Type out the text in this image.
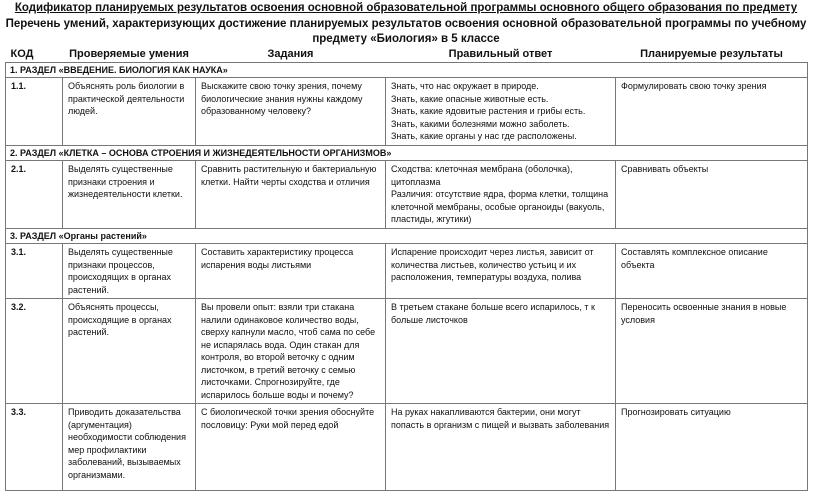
Кодификатор планируемых результатов освоения основной образовательной программы основного общего образования по предмету
Перечень умений, характеризующих достижение планируемых результатов освоения основной образовательной программы по учебному предмету «Биология» в 5 классе
КОД	Проверяемые умения	Задания	Правильный ответ	Планируемые результаты
1. РАЗДЕЛ «ВВЕДЕНИЕ. БИОЛОГИЯ КАК НАУКА»				
1.1.	Объяснять роль биологии в практической деятельности людей.	Выскажите свою точку зрения, почему биологические знания нужны каждому образованному человеку?	Знать, что нас окружает в природе.
Знать, какие опасные животные есть.
Знать, какие ядовитые растения и грибы есть.
Знать, какими болезнями можно заболеть.
Знать, какие органы у нас где расположены.	Формулировать свою точку зрения
2. РАЗДЕЛ «КЛЕТКА – ОСНОВА СТРОЕНИЯ И ЖИЗНЕДЕЯТЕЛЬНОСТИ ОРГАНИЗМОВ»				
2.1.	Выделять существенные признаки строения и жизнедеятельности клетки.	Сравнить растительную и бактериальную клетки. Найти черты сходства и отличия	Сходства: клеточная мембрана (оболочка), цитоплазма
Различия: отсутствие ядра, форма клетки, толщина клеточной мембраны, особые органоиды (вакуоль, пластиды, жгутики)	Сравнивать объекты
3. РАЗДЕЛ «Органы растений»				
3.1.	Выделять существенные признаки процессов, происходящих в органах растений.	Составить характеристику процесса испарения воды листьями	Испарение происходит через листья, зависит от количества листьев, количество устьиц и их расположения, температуры воздуха, полива	Составлять комплексное описание объекта
3.2.	Объяснять процессы, происходящие в органах растений.	Вы провели опыт: взяли три стакана налили одинаковое количество воды, сверху капнули масло, чтоб сама по себе не испарялась вода. Один стакан для контроля, во второй веточку с одним листочком, в третий веточку с семью листочками. Спрогнозируйте, где испарилось больше воды и почему?	В третьем стакане больше всего испарилось, т к больше листочков	Переносить освоенные знания в новые условия
3.3.	Приводить доказательства (аргументация) необходимости соблюдения мер профилактики заболеваний, вызываемых организмами.	С биологической точки зрения обоснуйте пословицу: Руки мой перед едой	На руках накапливаются бактерии, они могут попасть в организм с пищей и вызвать заболевания	Прогнозировать ситуацию
